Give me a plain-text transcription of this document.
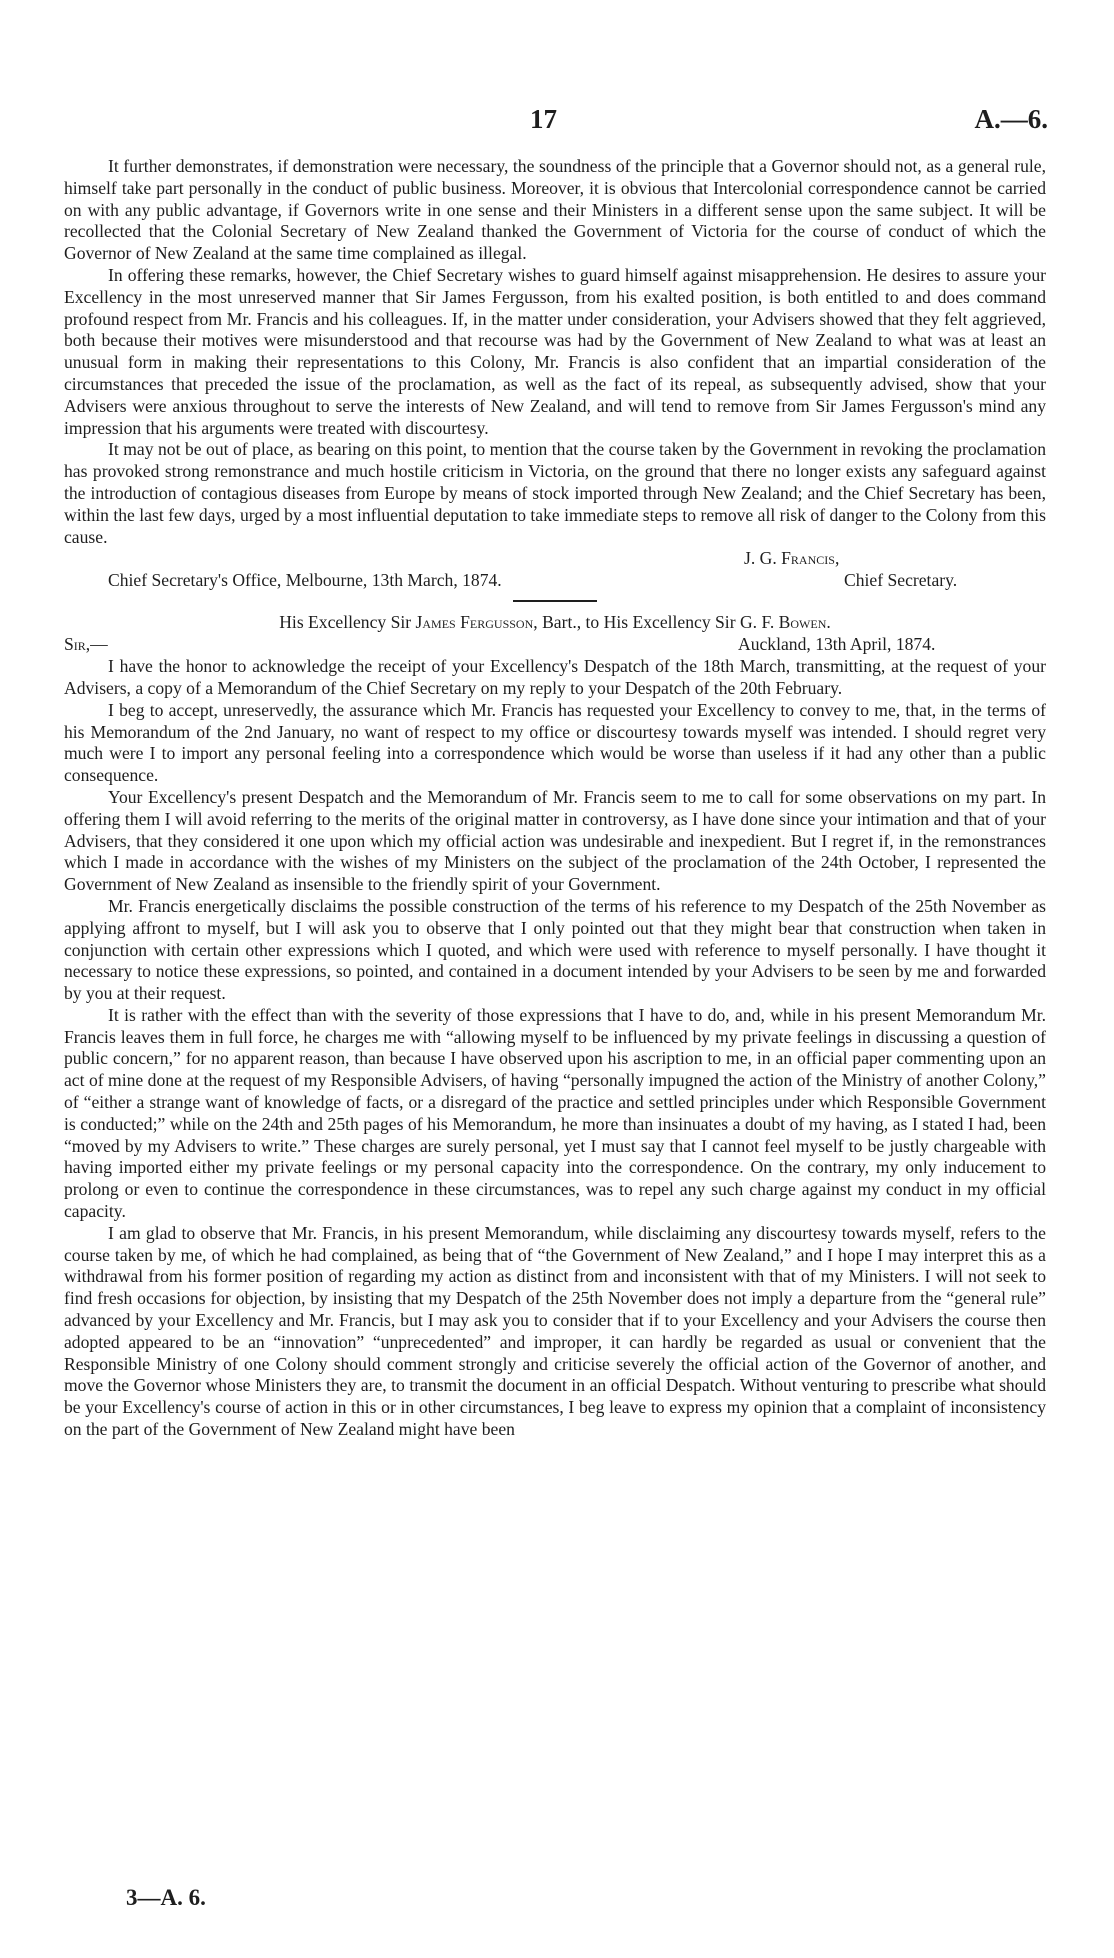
17	A.—6.

It further demonstrates, if demonstration were necessary, the soundness of the principle that a Governor should not, as a general rule, himself take part personally in the conduct of public business. Moreover, it is obvious that Intercolonial correspondence cannot be carried on with any public advantage, if Governors write in one sense and their Ministers in a different sense upon the same subject. It will be recollected that the Colonial Secretary of New Zealand thanked the Government of Victoria for the course of conduct of which the Governor of New Zealand at the same time complained as illegal.

In offering these remarks, however, the Chief Secretary wishes to guard himself against misapprehension. He desires to assure your Excellency in the most unreserved manner that Sir James Fergusson, from his exalted position, is both entitled to and does command profound respect from Mr. Francis and his colleagues. If, in the matter under consideration, your Advisers showed that they felt aggrieved, both because their motives were misunderstood and that recourse was had by the Government of New Zealand to what was at least an unusual form in making their representations to this Colony, Mr. Francis is also confident that an impartial consideration of the circumstances that preceded the issue of the proclamation, as well as the fact of its repeal, as subsequently advised, show that your Advisers were anxious throughout to serve the interests of New Zealand, and will tend to remove from Sir James Fergusson's mind any impression that his arguments were treated with discourtesy.

It may not be out of place, as bearing on this point, to mention that the course taken by the Government in revoking the proclamation has provoked strong remonstrance and much hostile criticism in Victoria, on the ground that there no longer exists any safeguard against the introduction of contagious diseases from Europe by means of stock imported through New Zealand; and the Chief Secretary has been, within the last few days, urged by a most influential deputation to take immediate steps to remove all risk of danger to the Colony from this cause.

J. G. Francis,
Chief Secretary's Office, Melbourne, 13th March, 1874.	Chief Secretary.

His Excellency Sir James Fergusson, Bart., to His Excellency Sir G. F. Bowen.

Sir,—	Auckland, 13th April, 1874.

I have the honor to acknowledge the receipt of your Excellency's Despatch of the 18th March, transmitting, at the request of your Advisers, a copy of a Memorandum of the Chief Secretary on my reply to your Despatch of the 20th February.

I beg to accept, unreservedly, the assurance which Mr. Francis has requested your Excellency to convey to me, that, in the terms of his Memorandum of the 2nd January, no want of respect to my office or discourtesy towards myself was intended. I should regret very much were I to import any personal feeling into a correspondence which would be worse than useless if it had any other than a public consequence.

Your Excellency's present Despatch and the Memorandum of Mr. Francis seem to me to call for some observations on my part. In offering them I will avoid referring to the merits of the original matter in controversy, as I have done since your intimation and that of your Advisers, that they considered it one upon which my official action was undesirable and inexpedient. But I regret if, in the remonstrances which I made in accordance with the wishes of my Ministers on the subject of the proclamation of the 24th October, I represented the Government of New Zealand as insensible to the friendly spirit of your Government.

Mr. Francis energetically disclaims the possible construction of the terms of his reference to my Despatch of the 25th November as applying affront to myself, but I will ask you to observe that I only pointed out that they might bear that construction when taken in conjunction with certain other expressions which I quoted, and which were used with reference to myself personally. I have thought it necessary to notice these expressions, so pointed, and contained in a document intended by your Advisers to be seen by me and forwarded by you at their request.

It is rather with the effect than with the severity of those expressions that I have to do, and, while in his present Memorandum Mr. Francis leaves them in full force, he charges me with “allowing myself to be influenced by my private feelings in discussing a question of public concern,” for no apparent reason, than because I have observed upon his ascription to me, in an official paper commenting upon an act of mine done at the request of my Responsible Advisers, of having “personally impugned the action of the Ministry of another Colony,” of “either a strange want of knowledge of facts, or a disregard of the practice and settled principles under which Responsible Government is conducted;” while on the 24th and 25th pages of his Memorandum, he more than insinuates a doubt of my having, as I stated I had, been “moved by my Advisers to write.” These charges are surely personal, yet I must say that I cannot feel myself to be justly chargeable with having imported either my private feelings or my personal capacity into the correspondence. On the contrary, my only inducement to prolong or even to continue the correspondence in these circumstances, was to repel any such charge against my conduct in my official capacity.

I am glad to observe that Mr. Francis, in his present Memorandum, while disclaiming any discourtesy towards myself, refers to the course taken by me, of which he had complained, as being that of “the Government of New Zealand,” and I hope I may interpret this as a withdrawal from his former position of regarding my action as distinct from and inconsistent with that of my Ministers. I will not seek to find fresh occasions for objection, by insisting that my Despatch of the 25th November does not imply a departure from the “general rule” advanced by your Excellency and Mr. Francis, but I may ask you to consider that if to your Excellency and your Advisers the course then adopted appeared to be an “innovation” “unprecedented” and improper, it can hardly be regarded as usual or convenient that the Responsible Ministry of one Colony should comment strongly and criticise severely the official action of the Governor of another, and move the Governor whose Ministers they are, to transmit the document in an official Despatch. Without venturing to prescribe what should be your Excellency's course of action in this or in other circumstances, I beg leave to express my opinion that a complaint of inconsistency on the part of the Government of New Zealand might have been

3—A. 6.
